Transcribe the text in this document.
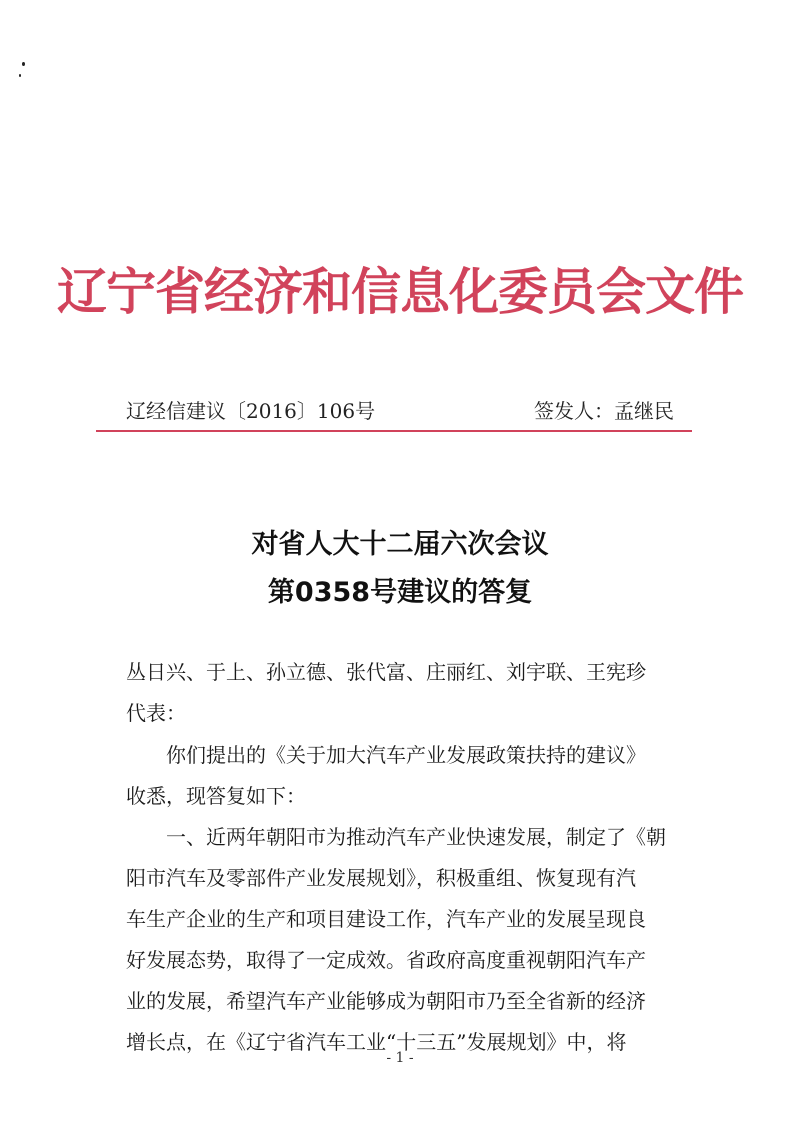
辽宁省经济和信息化委员会文件
辽经信建议〔2016〕106号	签发人：孟继民
对省人大十二届六次会议
第0358号建议的答复
丛日兴、于上、孙立德、张代富、庄丽红、刘宇联、王宪珍
代表：
　　你们提出的《关于加大汽车产业发展政策扶持的建议》
收悉，现答复如下：
　　一、近两年朝阳市为推动汽车产业快速发展，制定了《朝
阳市汽车及零部件产业发展规划》，积极重组、恢复现有汽
车生产企业的生产和项目建设工作，汽车产业的发展呈现良
好发展态势，取得了一定成效。省政府高度重视朝阳汽车产
业的发展，希望汽车产业能够成为朝阳市乃至全省新的经济
增长点，在《辽宁省汽车工业“十三五”发展规划》中，将
- 1 -
